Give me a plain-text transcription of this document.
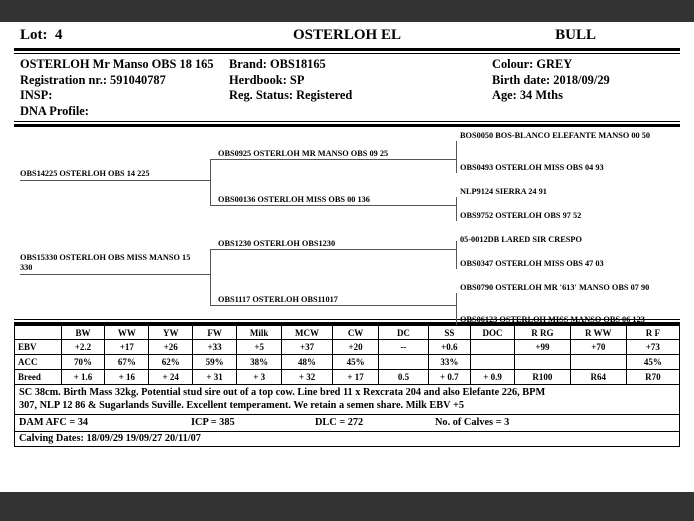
Lot: 4	OSTERLOH EL	BULL
OSTERLOH Mr Manso OBS 18 165 Brand: OBS18165	Colour: GREY
Registration nr.: 591040787	Herdbook: SP	Birth date: 2018/09/29
INSP:	Reg. Status: Registered	Age: 34 Mths
DNA Profile:
OBS14225 OSTERLOH OBS 14 225
OBS15330 OSTERLOH OBS MISS MANSO 15 330
OBS0925 OSTERLOH MR MANSO OBS 09 25
OBS00136 OSTERLOH MISS OBS 00 136
OBS1230 OSTERLOH OBS1230
OBS1117 OSTERLOH OBS11017
BOS0050 BOS-BLANCO ELEFANTE MANSO 00 50
OBS0493 OSTERLOH MISS OBS 04 93
NLP9124 SIERRA 24 91
OBS9752 OSTERLOH OBS 97 52
05-0012DB LARED SIR CRESPO
OBS0347 OSTERLOH MISS OBS 47 03
OBS0790 OSTERLOH MR '613' MANSO OBS 07 90
OBS06123 OSTERLOH MISS MANSO OBS 06 123
	BW	WW	YW	FW	Milk	MCW	CW	DC	SS	DOC	R RG	R WW	R F
EBV	+2.2	+17	+26	+33	+5	+37	+20	--	+0.6		+99	+70	+73
ACC	70%	67%	62%	59%	38%	48%	45%		33%				45%
Breed	+ 1.6	+ 16	+ 24	+ 31	+ 3	+ 32	+ 17	0.5	+ 0.7	+ 0.9	R100	R64	R70
SC 38cm. Birth Mass 32kg. Potential stud sire out of a top cow. Line bred 11 x Rexcrata 204 and also Elefante 226, BPM
307, NLP 12 86 & Sugarlands Suville. Excellent temperament. We retain a semen share. Milk EBV +5
DAM AFC = 34	ICP = 385	DLC = 272	No. of Calves = 3
Calving Dates: 18/09/29 19/09/27 20/11/07
